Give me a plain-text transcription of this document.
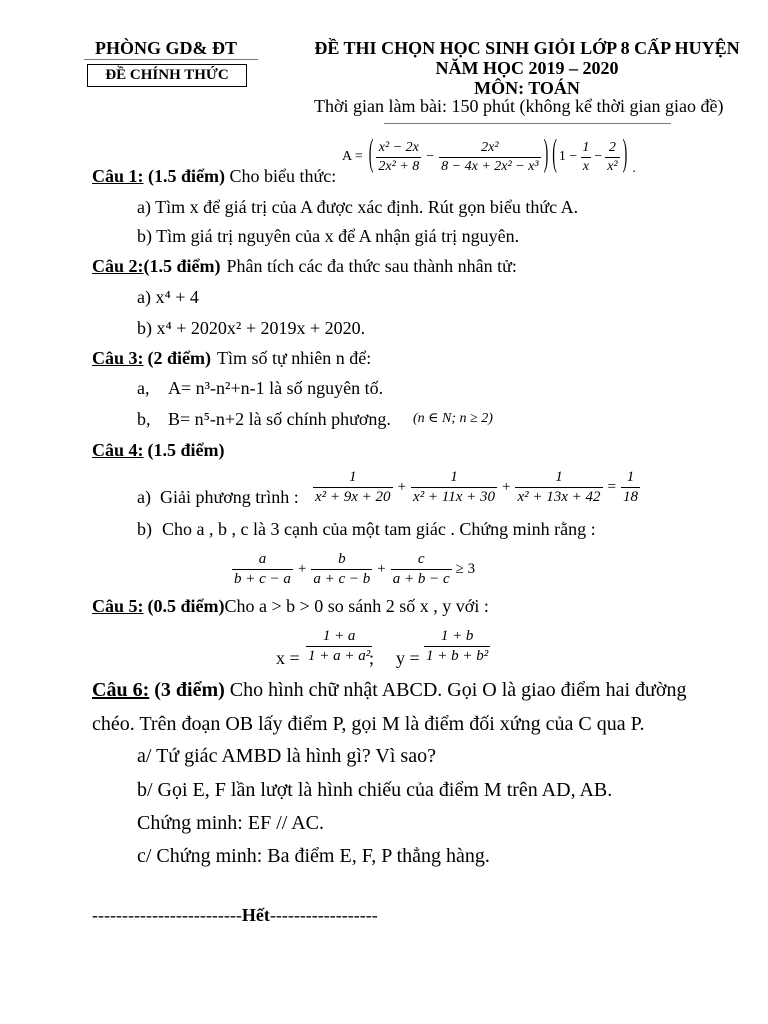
PHÒNG GD& ĐT
ĐỀ CHÍNH THỨC
ĐỀ THI CHỌN HỌC SINH GIỎI LỚP 8 CẤP HUYỆN
NĂM HỌC 2019 – 2020
MÔN: TOÁN
Thời gian làm bài: 150 phút (không kể thời gian giao đề)
A = ( $\frac{\text{x² − 2x}}{\text{2x² + 8}} - \frac{\text{2x²}}{\text{8 − 4x + 2x² − x³}}$ ) ( $1 - \frac{1}{x} - \frac{2}{\text{x²}}$ ) .
Câu 1: (1.5 điểm) Cho biểu thức:
a) Tìm x để giá trị của A được xác định. Rút gọn biểu thức A.
b) Tìm giá trị nguyên của x để A nhận giá trị nguyên.
Câu 2:(1.5 điểm) Phân tích các đa thức sau thành nhân tử:
a) x⁴ + 4
b) x⁴ + 2020x² + 2019x + 2020.
Câu 3: (2 điểm) Tìm số tự nhiên n để:
a, A= n³-n²+n-1 là số nguyên tố.
b, B= n⁵-n+2 là số chính phương. (n ∈ N; n ≥ 2)
Câu 4: (1.5 điểm)
a) Giải phương trình : $\frac{1}{\text{x² + 9x + 20}} + \frac{1}{\text{x² + 11x + 30}} + \frac{1}{\text{x² + 13x + 42}} = \frac{1}{18}$
b) Cho a , b , c là 3 cạnh của một tam giác . Chứng minh rằng :
$\frac{a}{b + c - a} + \frac{b}{a + c - b} + \frac{c}{a + b - c} \ge 3$
Câu 5: (0.5 điểm)Cho a > b > 0 so sánh 2 số x , y với :
$x = \frac{1 + a}{\text{1 + a + a²}}$
; $y = \frac{1 + b}{\text{1 + b + b²}}$
Câu 6: (3 điểm) Cho hình chữ nhật ABCD. Gọi O là giao điểm hai đường
chéo. Trên đoạn OB lấy điểm P, gọi M là điểm đối xứng của C qua P.
a/ Tứ giác AMBD là hình gì? Vì sao?
b/ Gọi E, F lần lượt là hình chiếu của điểm M trên AD, AB.
Chứng minh: EF // AC.
c/ Chứng minh: Ba điểm E, F, P thẳng hàng.
-------------------------Hết------------------
